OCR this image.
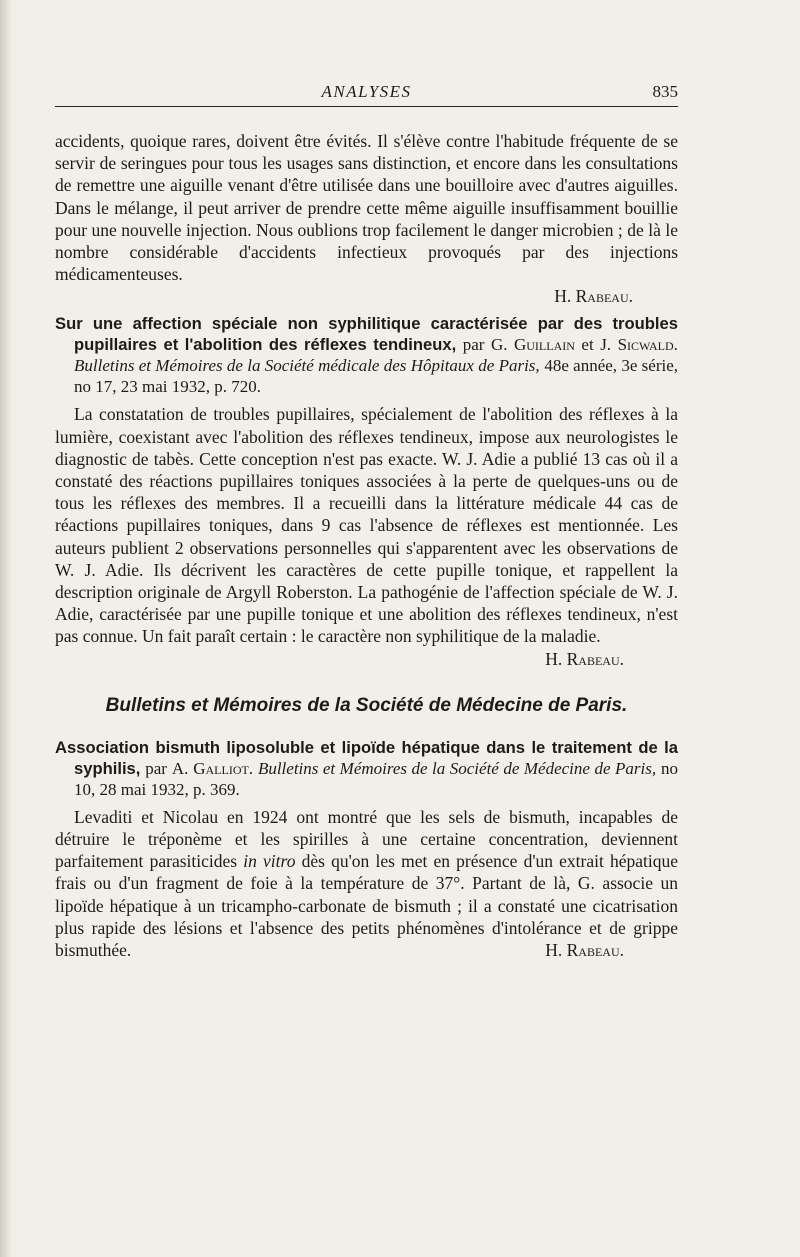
ANALYSES	835

accidents, quoique rares, doivent être évités. Il s'élève contre l'habitude fréquente de se servir de seringues pour tous les usages sans distinction, et encore dans les consultations de remettre une aiguille venant d'être utilisée dans une bouilloire avec d'autres aiguilles. Dans le mélange, il peut arriver de prendre cette même aiguille insuffisamment bouillie pour une nouvelle injection. Nous oublions trop facilement le danger microbien ; de là le nombre considérable d'accidents infectieux provoqués par des injections médicamenteuses.

H. Rabeau.

Sur une affection spéciale non syphilitique caractérisée par des troubles pupillaires et l'abolition des réflexes tendineux, par G. Guillain et J. Sicwald. Bulletins et Mémoires de la Société médicale des Hôpitaux de Paris, 48e année, 3e série, no 17, 23 mai 1932, p. 720.

La constatation de troubles pupillaires, spécialement de l'abolition des réflexes à la lumière, coexistant avec l'abolition des réflexes tendineux, impose aux neurologistes le diagnostic de tabès. Cette conception n'est pas exacte. W. J. Adie a publié 13 cas où il a constaté des réactions pupillaires toniques associées à la perte de quelques-uns ou de tous les réflexes des membres. Il a recueilli dans la littérature médicale 44 cas de réactions pupillaires toniques, dans 9 cas l'absence de réflexes est mentionnée. Les auteurs publient 2 observations personnelles qui s'apparentent avec les observations de W. J. Adie. Ils décrivent les caractères de cette pupille tonique, et rappellent la description originale de Argyll Roberston. La pathogénie de l'affection spéciale de W. J. Adie, caractérisée par une pupille tonique et une abolition des réflexes tendineux, n'est pas connue. Un fait paraît certain : le caractère non syphilitique de la maladie.
H. Rabeau.

Bulletins et Mémoires de la Société de Médecine de Paris.

Association bismuth liposoluble et lipoïde hépatique dans le traitement de la syphilis, par A. Galliot. Bulletins et Mémoires de la Société de Médecine de Paris, no 10, 28 mai 1932, p. 369.

Levaditi et Nicolau en 1924 ont montré que les sels de bismuth, incapables de détruire le tréponème et les spirilles à une certaine concentration, deviennent parfaitement parasiticides in vitro dès qu'on les met en présence d'un extrait hépatique frais ou d'un fragment de foie à la température de 37°. Partant de là, G. associe un lipoïde hépatique à un tricampho-carbonate de bismuth ; il a constaté une cicatrisation plus rapide des lésions et l'absence des petits phénomènes d'intolérance et de grippe bismuthée.	H. Rabeau.
